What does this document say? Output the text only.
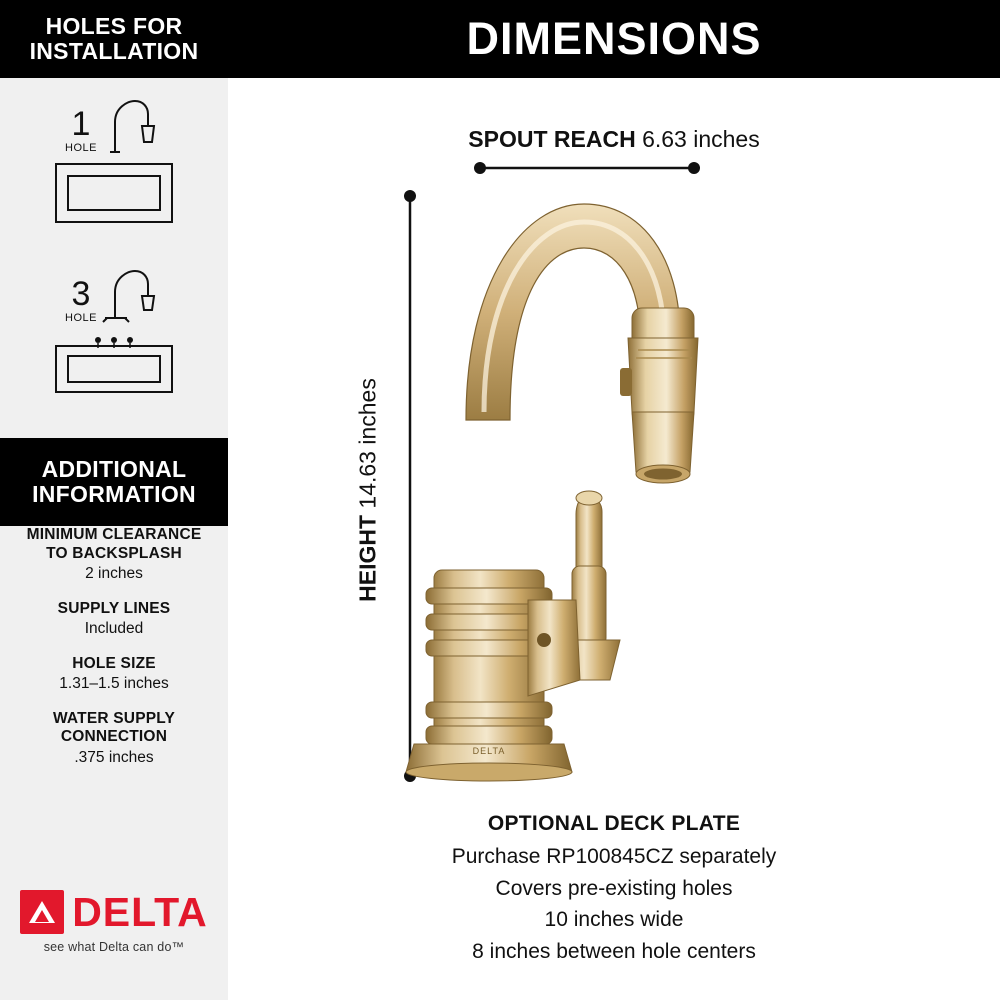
HOLES FOR
INSTALLATION
1
HOLE
3
HOLE
ADDITIONAL
INFORMATION
MINIMUM CLEARANCE
TO BACKSPLASH
2 inches
SUPPLY LINES
Included
HOLE SIZE
1.31–1.5 inches
WATER SUPPLY
CONNECTION
.375 inches
DELTA
see what Delta can do™
DIMENSIONS
SPOUT REACH 6.63 inches
HEIGHT 14.63 inches
DELTA
OPTIONAL DECK PLATE
Purchase RP100845CZ separately
Covers pre-existing holes
10 inches wide
8 inches between hole centers
